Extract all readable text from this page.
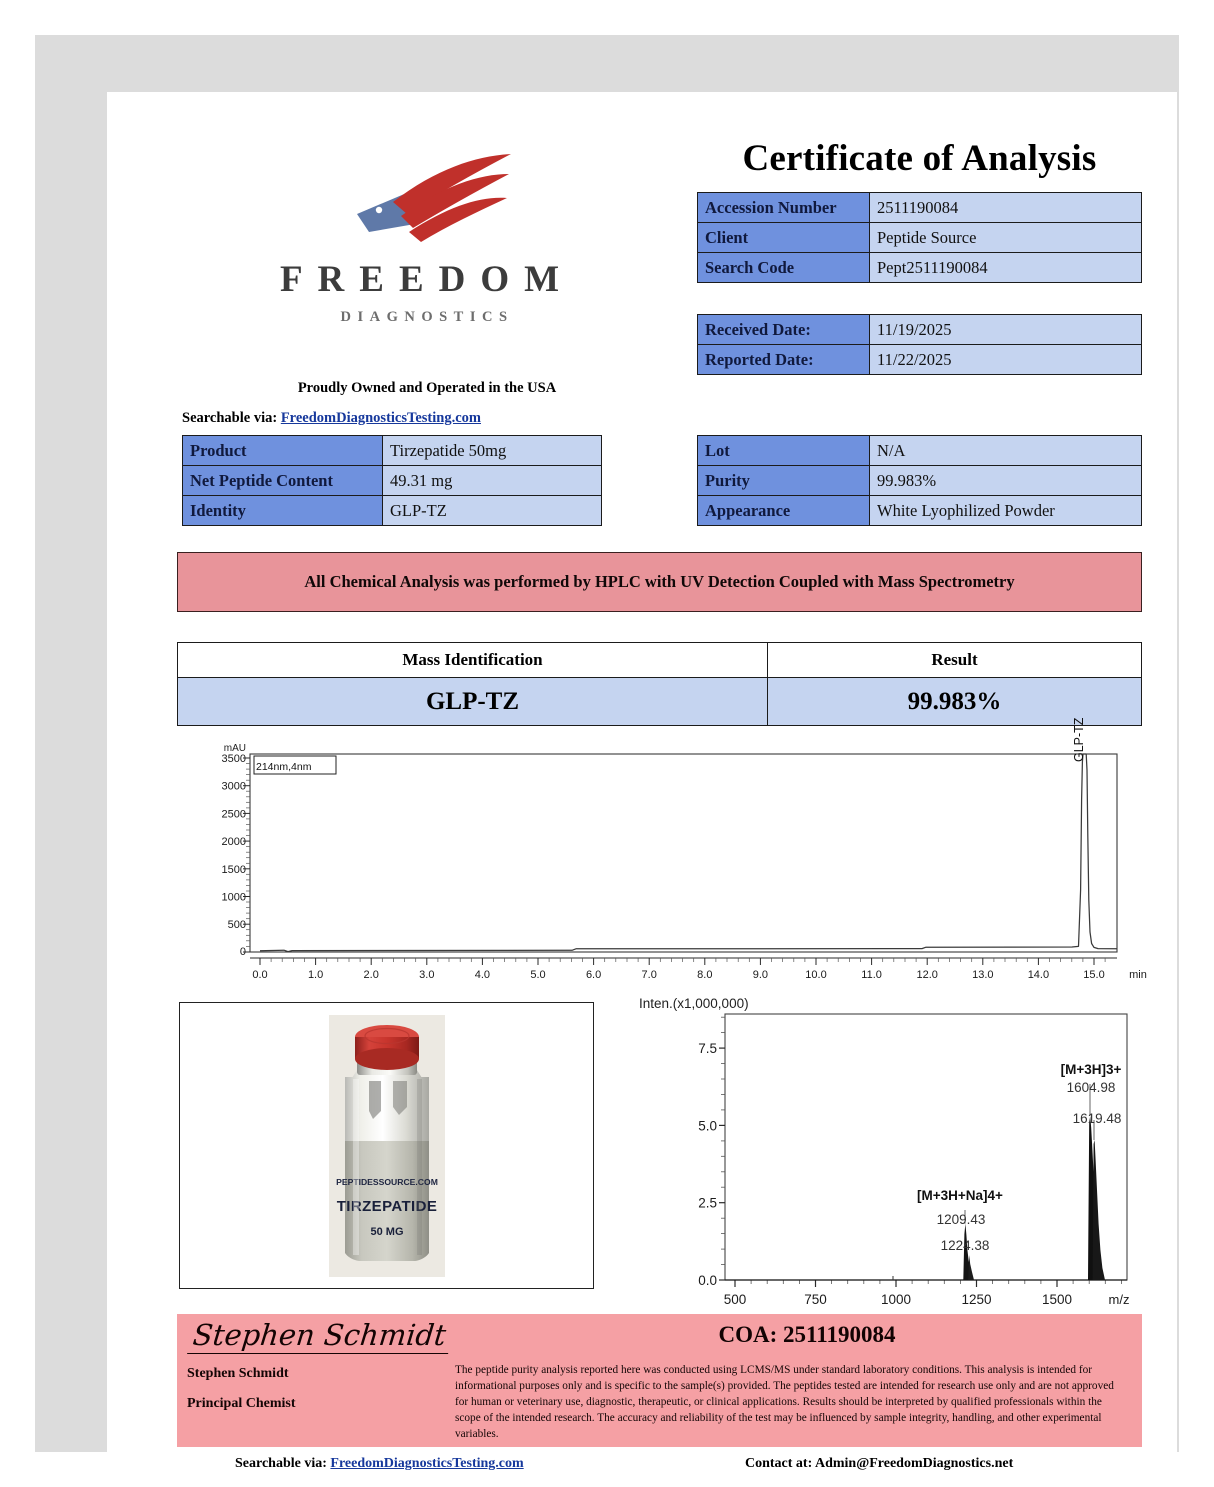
FREEDOM
DIAGNOSTICS
Proudly Owned and Operated in the USA
Searchable via: FreedomDiagnosticsTesting.com
Certificate of Analysis
Accession Number	2511190084
Client	Peptide Source
Search Code	Pept2511190084
Received Date:	11/19/2025
Reported Date:	11/22/2025
Product	Tirzepatide 50mg
Net Peptide Content	49.31 mg
Identity	GLP-TZ
Lot	N/A
Purity	99.983%
Appearance	White Lyophilized Powder
All Chemical Analysis was performed by HPLC with UV Detection Coupled with Mass Spectrometry
Mass Identification	Result
GLP-TZ	99.983%
mAU
214nm,4nm
3500
3000
2500
2000
1500
1000
500
0
0.0	1.0	2.0	3.0	4.0	5.0	6.0	7.0	8.0	9.0	10.0	11.0	12.0	13.0	14.0	15.0 min
GLP-TZ
PEPTIDESSOURCE.COM
TIRZEPATIDE
50 MG
Inten.(x1,000,000)
0.0
2.5
5.0
7.5
500	750	1000	1250	1500	m/z
[M+3H]3+
1604.98
1619.48
[M+3H+Na]4+
1209.43
1224.38
Stephen Schmidt
Stephen Schmidt
Principal Chemist
COA: 2511190084
The peptide purity analysis reported here was conducted using LCMS/MS under standard laboratory conditions. This analysis is intended for informational purposes only and is specific to the sample(s) provided. The peptides tested are intended for research use only and are not approved for human or veterinary use, diagnostic, therapeutic, or clinical applications. Results should be interpreted by qualified professionals within the scope of the intended research. The accuracy and reliability of the test may be influenced by sample integrity, handling, and other experimental variables.
Searchable via: FreedomDiagnosticsTesting.com	Contact at: Admin@FreedomDiagnostics.net
